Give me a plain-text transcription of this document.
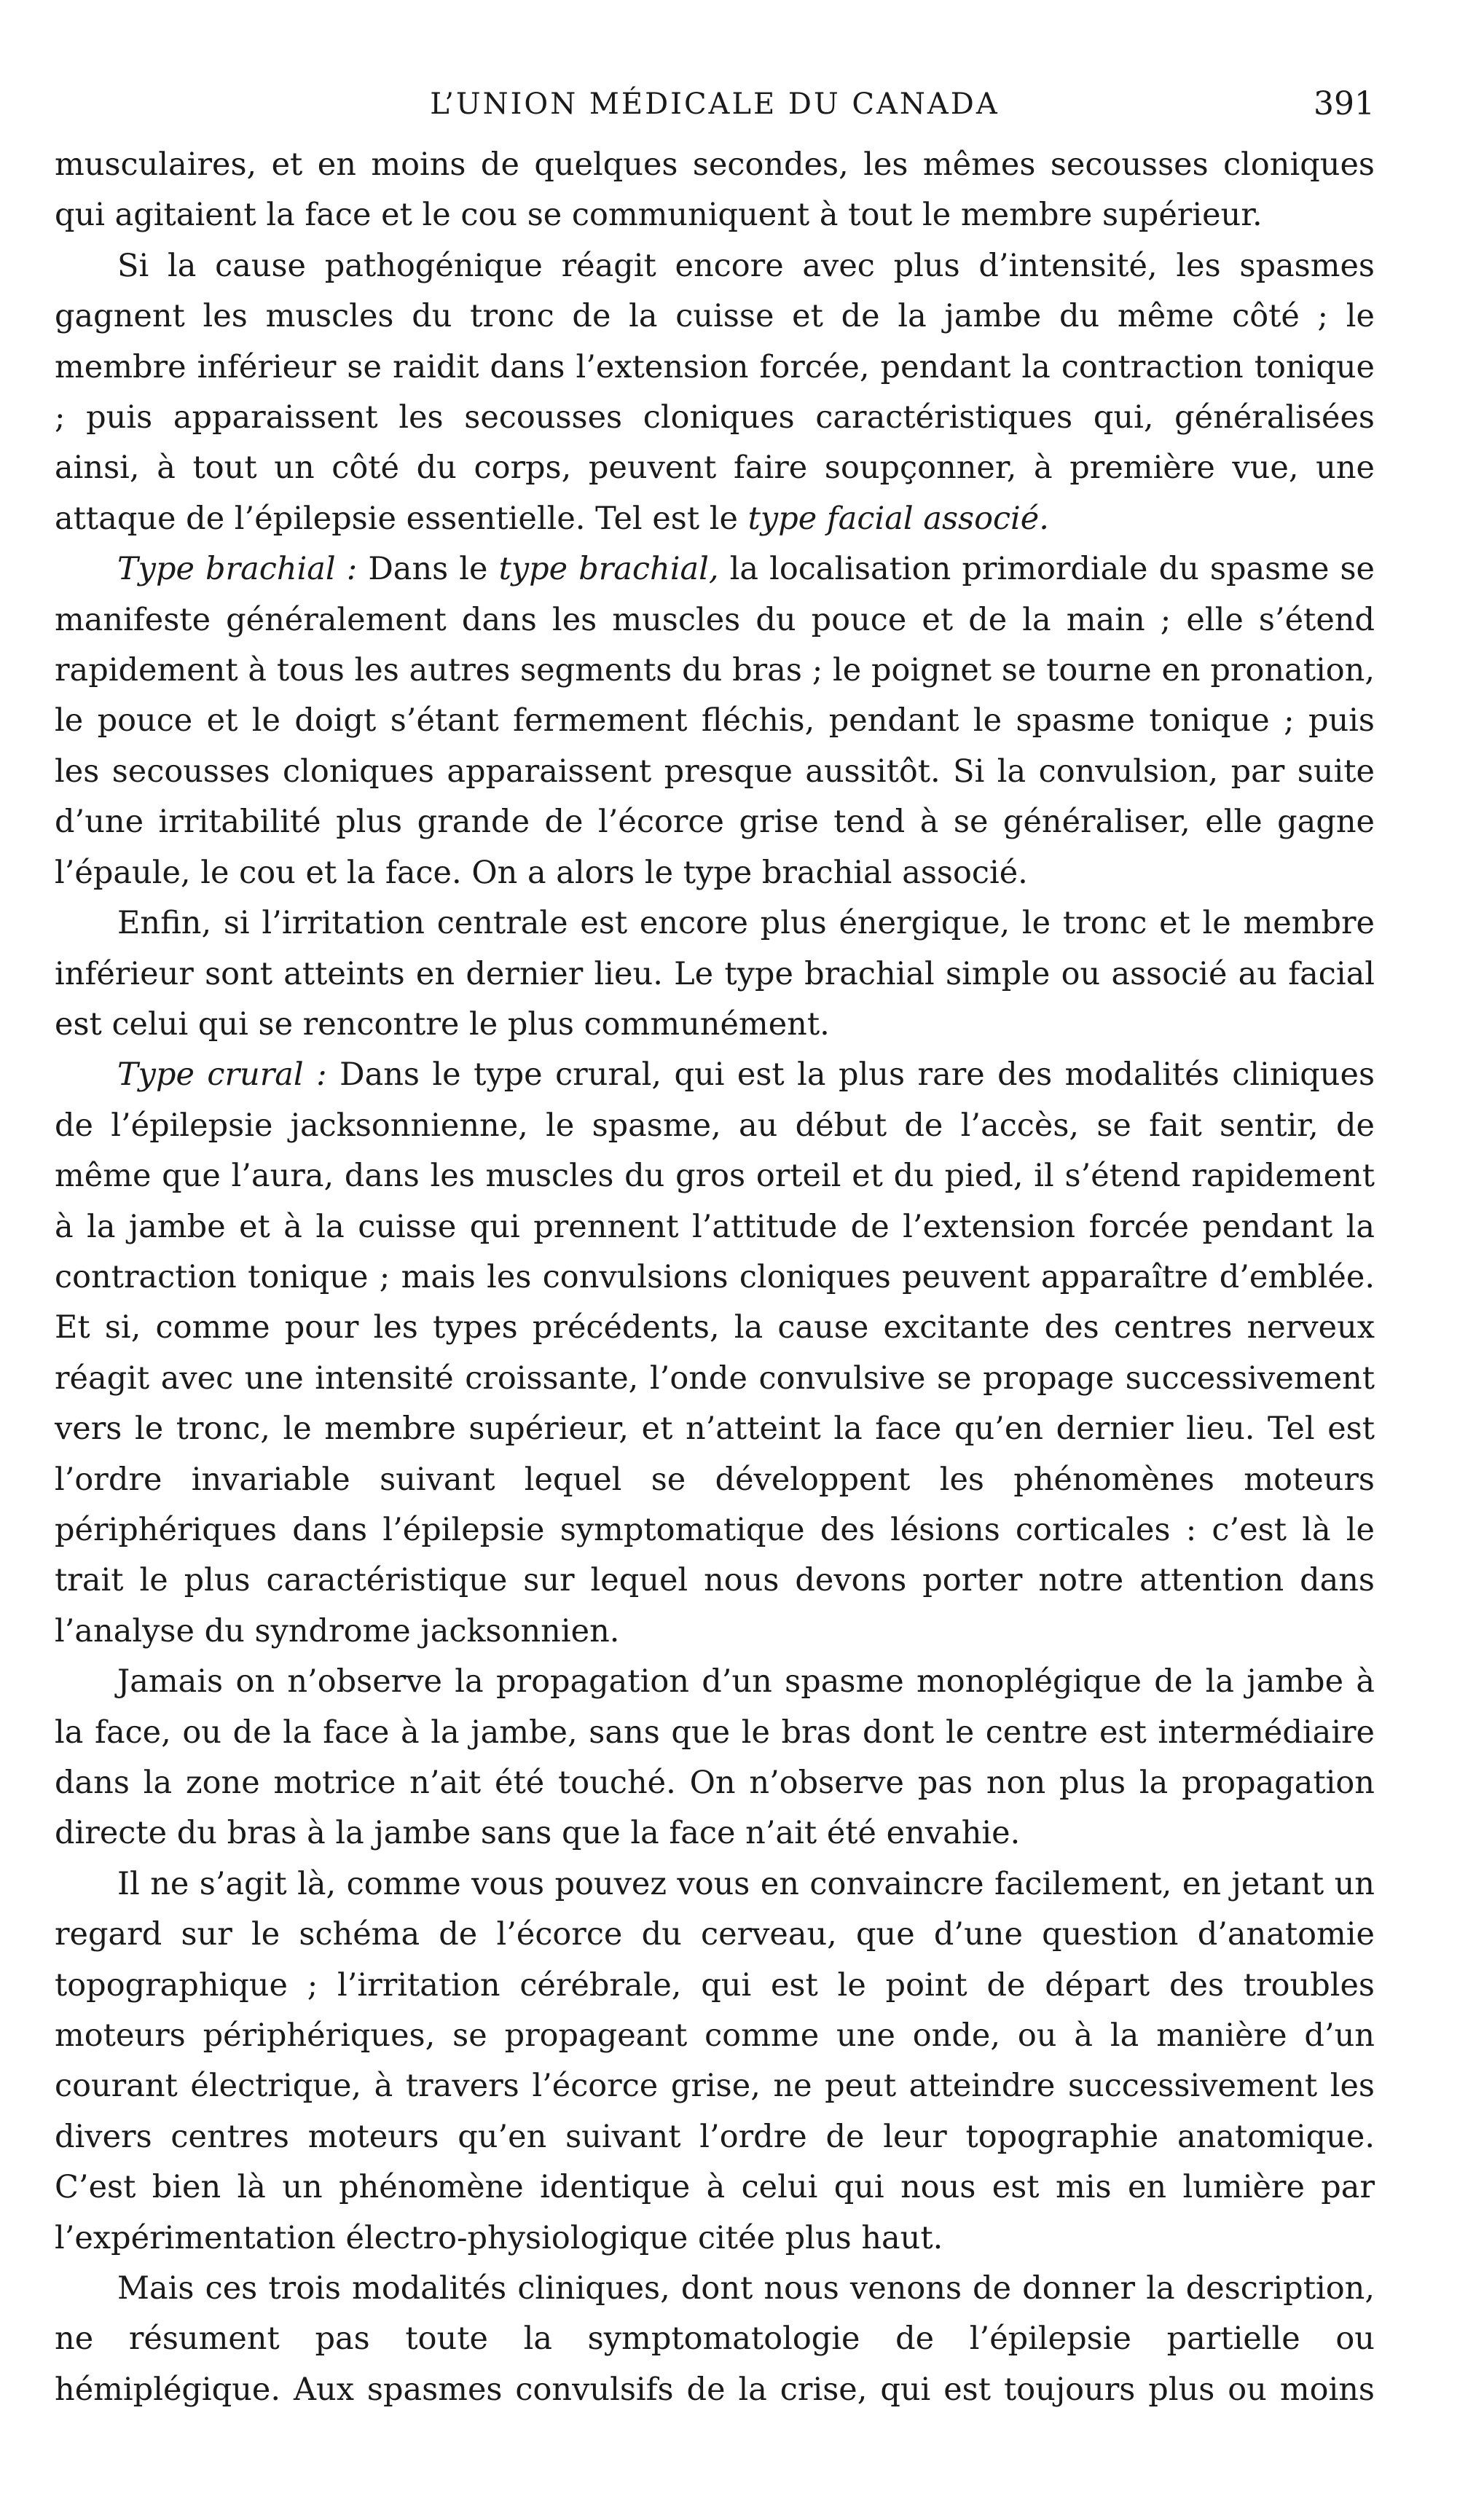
L’UNION MÉDICALE DU CANADA	391

musculaires, et en moins de quelques secondes, les mêmes secousses cloniques qui agitaient la face et le cou se communiquent à tout le membre supérieur.

Si la cause pathogénique réagit encore avec plus d’intensité, les spasmes gagnent les muscles du tronc de la cuisse et de la jambe du même côté ; le membre inférieur se raidit dans l’extension forcée, pendant la contraction tonique ; puis apparaissent les secousses cloniques caractéristiques qui, généralisées ainsi, à tout un côté du corps, peuvent faire soupçonner, à première vue, une attaque de l’épilepsie essentielle. Tel est le type facial associé.

Type brachial : Dans le type brachial, la localisation primordiale du spasme se manifeste généralement dans les muscles du pouce et de la main ; elle s’étend rapidement à tous les autres segments du bras ; le poignet se tourne en pronation, le pouce et le doigt s’étant fermement fléchis, pendant le spasme tonique ; puis les secousses cloniques apparaissent presque aussitôt. Si la convulsion, par suite d’une irritabilité plus grande de l’écorce grise tend à se généraliser, elle gagne l’épaule, le cou et la face. On a alors le type brachial associé.

Enfin, si l’irritation centrale est encore plus énergique, le tronc et le membre inférieur sont atteints en dernier lieu. Le type brachial simple ou associé au facial est celui qui se rencontre le plus communément.

Type crural : Dans le type crural, qui est la plus rare des modalités cliniques de l’épilepsie jacksonnienne, le spasme, au début de l’accès, se fait sentir, de même que l’aura, dans les muscles du gros orteil et du pied, il s’étend rapidement à la jambe et à la cuisse qui prennent l’attitude de l’extension forcée pendant la contraction tonique ; mais les convulsions cloniques peuvent apparaître d’emblée. Et si, comme pour les types précédents, la cause excitante des centres nerveux réagit avec une intensité croissante, l’onde convulsive se propage successivement vers le tronc, le membre supérieur, et n’atteint la face qu’en dernier lieu. Tel est l’ordre invariable suivant lequel se développent les phénomènes moteurs périphériques dans l’épilepsie symptomatique des lésions corticales : c’est là le trait le plus caractéristique sur lequel nous devons porter notre attention dans l’analyse du syndrome jacksonnien.

Jamais on n’observe la propagation d’un spasme monoplégique de la jambe à la face, ou de la face à la jambe, sans que le bras dont le centre est intermédiaire dans la zone motrice n’ait été touché. On n’observe pas non plus la propagation directe du bras à la jambe sans que la face n’ait été envahie.

Il ne s’agit là, comme vous pouvez vous en convaincre facilement, en jetant un regard sur le schéma de l’écorce du cerveau, que d’une question d’anatomie topographique ; l’irritation cérébrale, qui est le point de départ des troubles moteurs périphériques, se propageant comme une onde, ou à la manière d’un courant électrique, à travers l’écorce grise, ne peut atteindre successivement les divers centres moteurs qu’en suivant l’ordre de leur topographie anatomique. C’est bien là un phénomène identique à celui qui nous est mis en lumière par l’expérimentation électro-physiologique citée plus haut.

Mais ces trois modalités cliniques, dont nous venons de donner la description, ne résument pas toute la symptomatologie de l’épilepsie partielle ou hémiplégique. Aux spasmes convulsifs de la crise, qui est toujours plus ou moins
